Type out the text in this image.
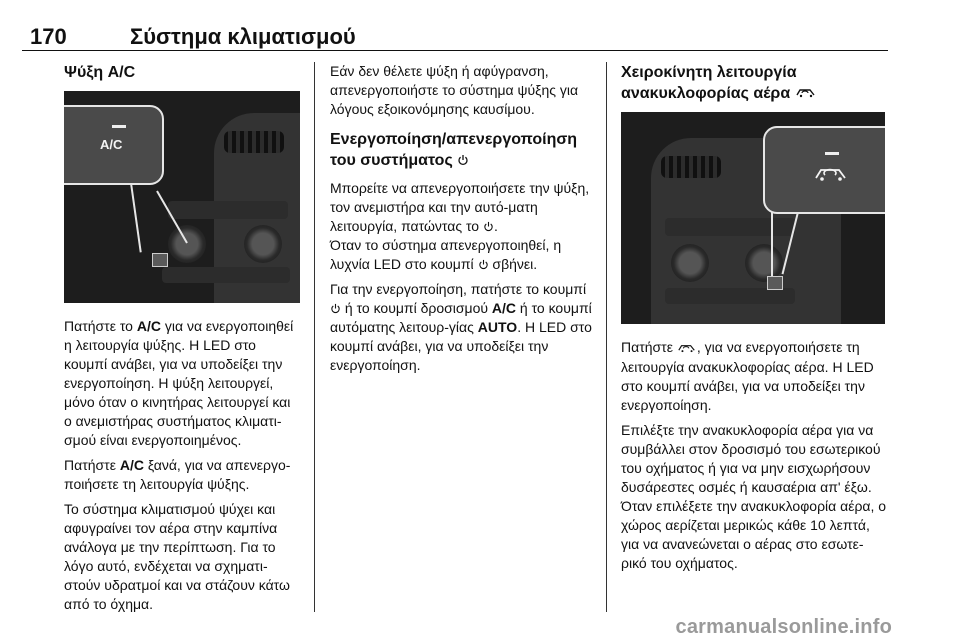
170	Σύστημα κλιματισμού
Ψύξη A/C
A/C

Πατήστε το A/C για να ενεργοποιηθεί η λειτουργία ψύξης. Η LED στο κουμπί ανάβει, για να υποδείξει την ενεργοποίηση. Η ψύξη λειτουργεί, μόνο όταν ο κινητήρας λειτουργεί και ο ανεμιστήρας συστήματος κλιματι-σμού είναι ενεργοποιημένος.

Πατήστε A/C ξανά, για να απενεργο-ποιήσετε τη λειτουργία ψύξης.

Το σύστημα κλιματισμού ψύχει και αφυγραίνει τον αέρα στην καμπίνα ανάλογα με την περίπτωση. Για το λόγο αυτό, ενδέχεται να σχηματι-στούν υδρατμοί και να στάζουν κάτω από το όχημα.

Εάν δεν θέλετε ψύξη ή αφύγρανση, απενεργοποιήστε το σύστημα ψύξης για λόγους εξοικονόμησης καυσίμου.

Ενεργοποίηση/απενεργοποίηση του συστήματος

Μπορείτε να απενεργοποιήσετε την ψύξη, τον ανεμιστήρα και την αυτό-ματη λειτουργία, πατώντας το .
Όταν το σύστημα απενεργοποιηθεί, η λυχνία LED στο κουμπί  σβήνει.

Για την ενεργοποίηση, πατήστε το κουμπί  ή το κουμπί δροσισμού A/C ή το κουμπί αυτόματης λειτουρ-γίας AUTO. Η LED στο κουμπί ανάβει, για να υποδείξει την ενεργοποίηση.

Χειροκίνητη λειτουργία ανακυκλοφορίας αέρα

Πατήστε , για να ενεργοποιήσετε τη λειτουργία ανακυκλοφορίας αέρα. Η LED στο κουμπί ανάβει, για να υποδείξει την ενεργοποίηση.

Επιλέξτε την ανακυκλοφορία αέρα για να συμβάλλει στον δροσισμό του εσωτερικού του οχήματος ή για να μην εισχωρήσουν δυσάρεστες οσμές ή καυσαέρια απ' έξω. Όταν επιλέξετε την ανακυκλοφορία αέρα, ο χώρος αερίζεται μερικώς κάθε 10 λεπτά, για να ανανεώνεται ο αέρας στο εσωτε-ρικό του οχήματος.

carmanualsonline.info
